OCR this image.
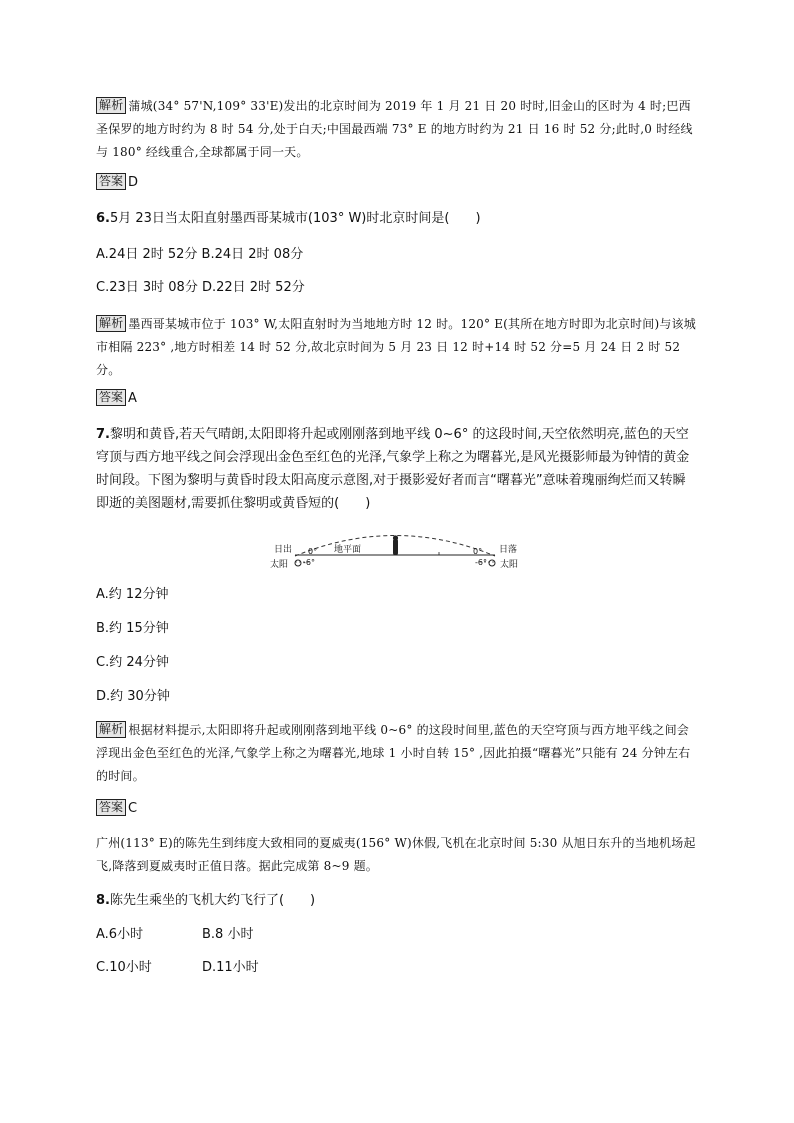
解析 蒲城(34° 57'N,109° 33'E)发出的北京时间为 2019 年 1 月 21 日 20 时时,旧金山的区时为 4 时;巴西圣保罗的地方时约为 8 时 54 分,处于白天;中国最西端 73° E 的地方时约为 21 日 16 时 52 分;此时,0 时经线与 180° 经线重合,全球都属于同一天。
答案 D
6.5月 23日当太阳直射墨西哥某城市(103° W)时北京时间是(　　)
A.24日 2时 52分 B.24日 2时 08分
C.23日 3时 08分 D.22日 2时 52分
解析 墨西哥某城市位于 103° W,太阳直射时为当地地方时 12 时。120° E(其所在地方时即为北京时间)与该城市相隔 223° ,地方时相差 14 时 52 分,故北京时间为 5 月 23 日 12 时+14 时 52 分=5 月 24 日 2 时 52 分。
答案 A
7.黎明和黄昏,若天气晴朗,太阳即将升起或刚刚落到地平线 0~6° 的这段时间,天空依然明亮,蓝色的天空穹顶与西方地平线之间会浮现出金色至红色的光泽,气象学上称之为曙暮光,是风光摄影师最为钟情的黄金时间段。下图为黎明与黄昏时段太阳高度示意图,对于摄影爱好者而言“曙暮光”意味着瑰丽绚烂而又转瞬即逝的美图题材,需要抓住黎明或黄昏短的(　　)
日出	日落
地平面
太阳	太阳
0°	0°
-6°	-6°
A.约 12分钟
B.约 15分钟
C.约 24分钟
D.约 30分钟
解析 根据材料提示,太阳即将升起或刚刚落到地平线 0~6° 的这段时间里,蓝色的天空穹顶与西方地平线之间会浮现出金色至红色的光泽,气象学上称之为曙暮光,地球 1 小时自转 15° ,因此拍摄“曙暮光”只能有 24 分钟左右的时间。
答案 C
广州(113° E)的陈先生到纬度大致相同的夏威夷(156° W)休假,飞机在北京时间 5:30 从旭日东升的当地机场起飞,降落到夏威夷时正值日落。据此完成第 8~9 题。
8.陈先生乘坐的飞机大约飞行了(　　)
A.6小时	B.8 小时
C.10小时	D.11小时
